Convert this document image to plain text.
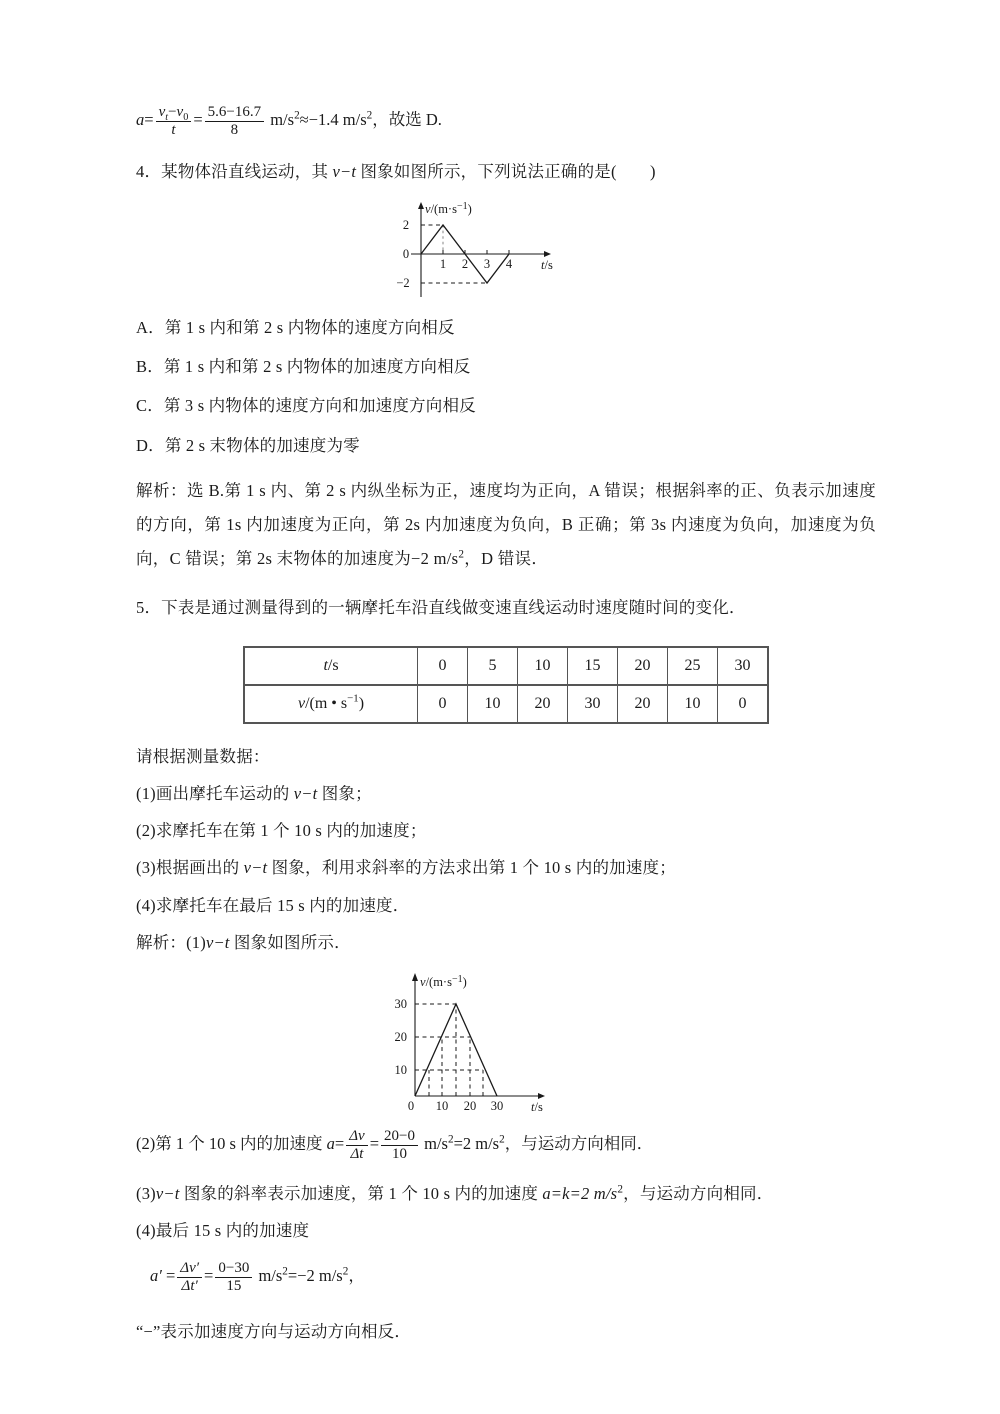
$a= \frac{v_t-v_0}{t} = \frac{5.6-16.7}{8} m/s^2\approx-1.4$ $m/s^2$，故选 D.
4．某物体沿直线运动，其 v−t 图象如图所示，下列说法正确的是(　　)
2
0
−2
1 2 3 4
$v/(m\cdot s^{-1})$
t/s
A．第 1 s 内和第 2 s 内物体的速度方向相反
B．第 1 s 内和第 2 s 内物体的加速度方向相反
C．第 3 s 内物体的速度方向和加速度方向相反
D．第 2 s 末物体的加速度为零
解析：选 B.第 1 s 内、第 2 s 内纵坐标为正，速度均为正向，A 错误；根据斜率的正、负表示加速度的方向，第 1s 内加速度为正向，第 2s 内加速度为负向，B 正确；第 3s 内速度为负向，加速度为负向，C 错误；第 2s 末物体的加速度为−2 $m/s^2$，D 错误．
5．下表是通过测量得到的一辆摩托车沿直线做变速直线运动时速度随时间的变化．
t/s	0	5	10	15	20	25	30
v/(m • $s^{-1}$)	0	10	20	30	20	10	0
请根据测量数据：
(1)画出摩托车运动的 v−t 图象；
(2)求摩托车在第 1 个 10 s 内的加速度；
(3)根据画出的 v−t 图象，利用求斜率的方法求出第 1 个 10 s 内的加速度；
(4)求摩托车在最后 15 s 内的加速度．
解析：(1)v−t 图象如图所示．
30
20
10
0 10 20 30
$v/(m\cdot s^{-1})$
t/s
(2)第 1 个 10 s 内的加速度 $a= \frac{\Delta v}{\Delta t} = \frac{20-0}{10} m/s^2=2$ $m/s^2$，与运动方向相同．
(3)v−t 图象的斜率表示加速度，第 1 个 10 s 内的加速度 a=k=2 $m/s^2$，与运动方向相同．
(4)最后 15 s 内的加速度
$a' = \frac{\Delta v'}{\Delta t'} = \frac{0-30}{15} m/s^2=-2$ $m/s^2$，
“−”表示加速度方向与运动方向相反．
